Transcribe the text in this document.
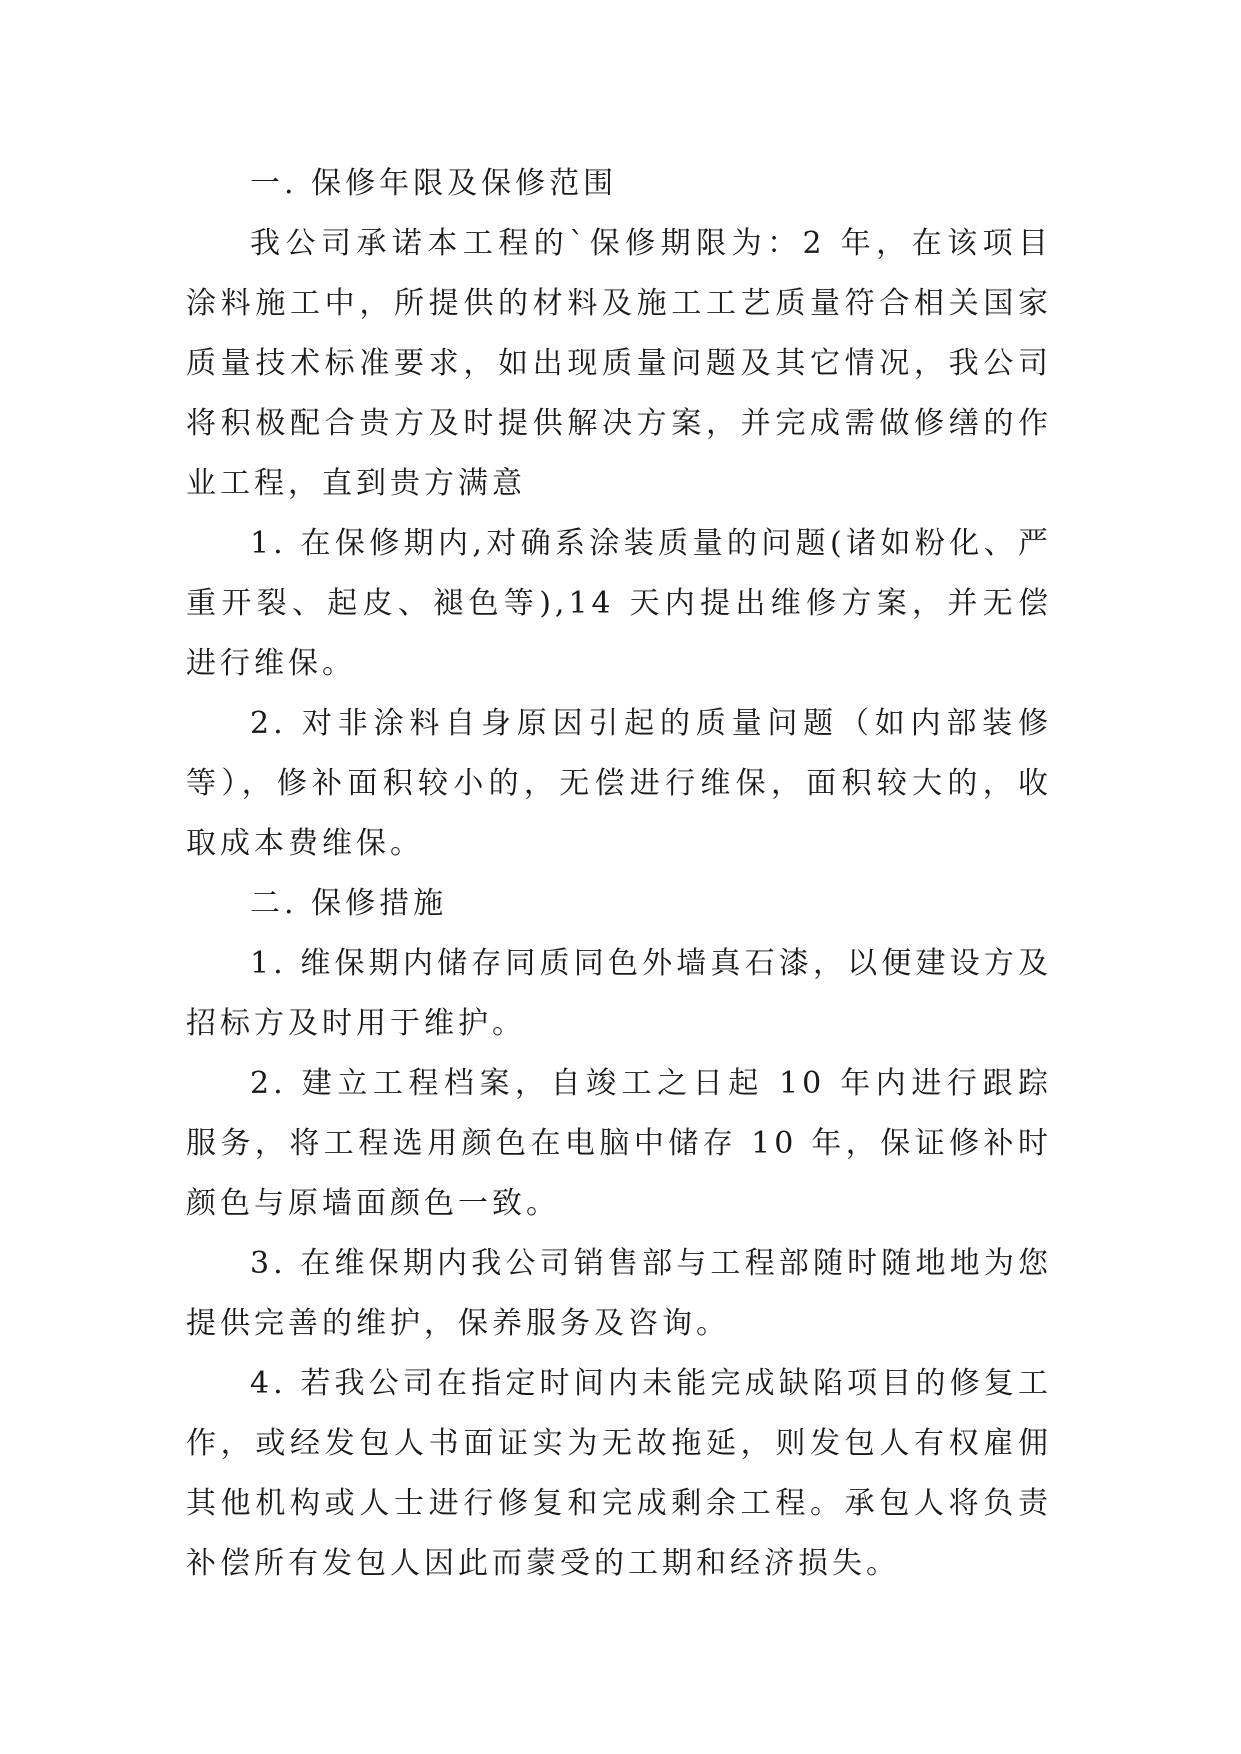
一. 保修年限及保修范围

我公司承诺本工程的`保修期限为：2 年，在该项目涂料施工中，所提供的材料及施工工艺质量符合相关国家质量技术标准要求，如出现质量问题及其它情况，我公司将积极配合贵方及时提供解决方案，并完成需做修缮的作业工程，直到贵方满意

1. 在保修期内,对确系涂装质量的问题(诸如粉化、严重开裂、起皮、褪色等),14 天内提出维修方案，并无偿进行维保。

2. 对非涂料自身原因引起的质量问题（如内部装修等），修补面积较小的，无偿进行维保，面积较大的，收取成本费维保。

二. 保修措施

1. 维保期内储存同质同色外墙真石漆，以便建设方及招标方及时用于维护。

2. 建立工程档案，自竣工之日起 10 年内进行跟踪服务，将工程选用颜色在电脑中储存 10 年，保证修补时颜色与原墙面颜色一致。

3. 在维保期内我公司销售部与工程部随时随地地为您提供完善的维护，保养服务及咨询。

4. 若我公司在指定时间内未能完成缺陷项目的修复工作，或经发包人书面证实为无故拖延，则发包人有权雇佣其他机构或人士进行修复和完成剩余工程。承包人将负责补偿所有发包人因此而蒙受的工期和经济损失。
